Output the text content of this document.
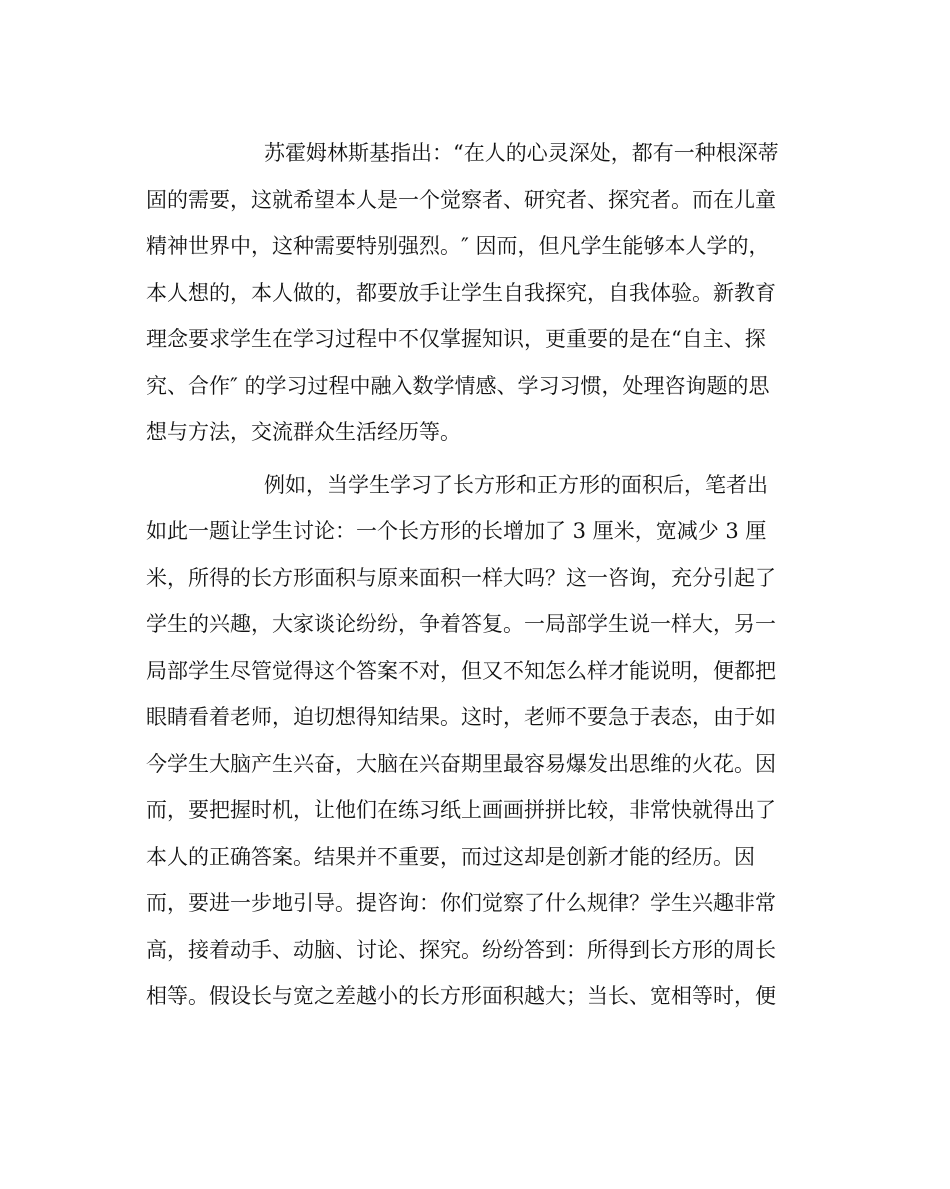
苏霍姆林斯基指出：“在人的心灵深处，都有一种根深蒂
固的需要，这就希望本人是一个觉察者、研究者、探究者。而在儿童
精神世界中，这种需要特别强烈。″ 因而，但凡学生能够本人学的，
本人想的，本人做的，都要放手让学生自我探究，自我体验。新教育
理念要求学生在学习过程中不仅掌握知识，更重要的是在“自主、探
究、合作″ 的学习过程中融入数学情感、学习习惯，处理咨询题的思
想与方法，交流群众生活经历等。
例如，当学生学习了长方形和正方形的面积后，笔者出
如此一题让学生讨论：一个长方形的长增加了 3 厘米，宽减少 3 厘
米，所得的长方形面积与原来面积一样大吗？这一咨询，充分引起了
学生的兴趣，大家谈论纷纷，争着答复。一局部学生说一样大，另一
局部学生尽管觉得这个答案不对，但又不知怎么样才能说明，便都把
眼睛看着老师，迫切想得知结果。这时，老师不要急于表态，由于如
今学生大脑产生兴奋，大脑在兴奋期里最容易爆发出思维的火花。因
而，要把握时机，让他们在练习纸上画画拼拼比较，非常快就得出了
本人的正确答案。结果并不重要，而过这却是创新才能的经历。因
而，要进一步地引导。提咨询：你们觉察了什么规律？学生兴趣非常
高，接着动手、动脑、讨论、探究。纷纷答到：所得到长方形的周长
相等。假设长与宽之差越小的长方形面积越大；当长、宽相等时，便
